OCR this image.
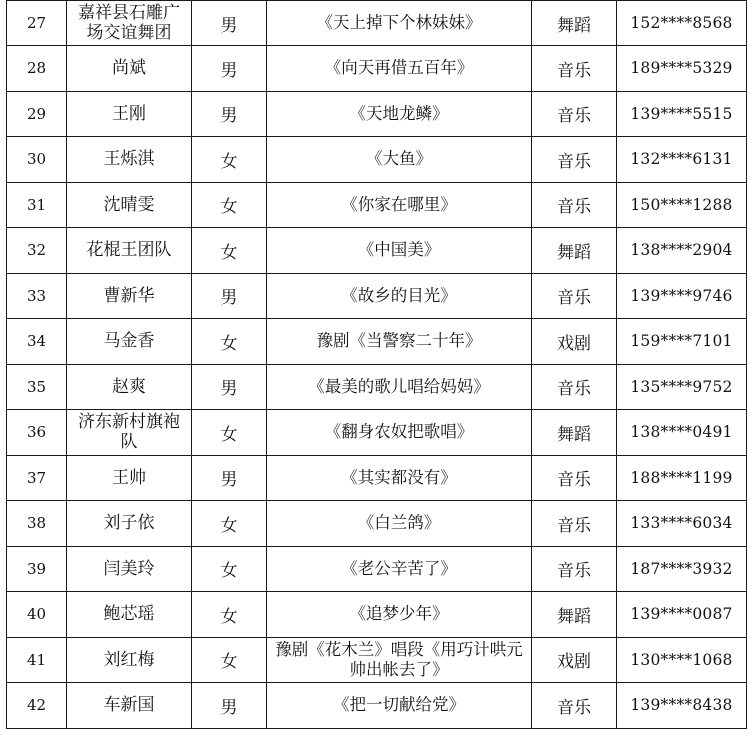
27	嘉祥县石雕广场交谊舞团	男	《天上掉下个林妹妹》	舞蹈	152****8568
28	尚斌	男	《向天再借五百年》	音乐	189****5329
29	王刚	男	《天地龙鳞》	音乐	139****5515
30	王烁淇	女	《大鱼》	音乐	132****6131
31	沈晴雯	女	《你家在哪里》	音乐	150****1288
32	花棍王团队	女	《中国美》	舞蹈	138****2904
33	曹新华	男	《故乡的目光》	音乐	139****9746
34	马金香	女	豫剧《当警察二十年》	戏剧	159****7101
35	赵爽	男	《最美的歌儿唱给妈妈》	音乐	135****9752
36	济东新村旗袍队	女	《翻身农奴把歌唱》	舞蹈	138****0491
37	王帅	男	《其实都没有》	音乐	188****1199
38	刘子依	女	《白兰鸽》	音乐	133****6034
39	闫美玲	女	《老公辛苦了》	音乐	187****3932
40	鲍芯瑶	女	《追梦少年》	舞蹈	139****0087
41	刘红梅	女	豫剧《花木兰》唱段《用巧计哄元帅出帐去了》	戏剧	130****1068
42	车新国	男	《把一切献给党》	音乐	139****8438
